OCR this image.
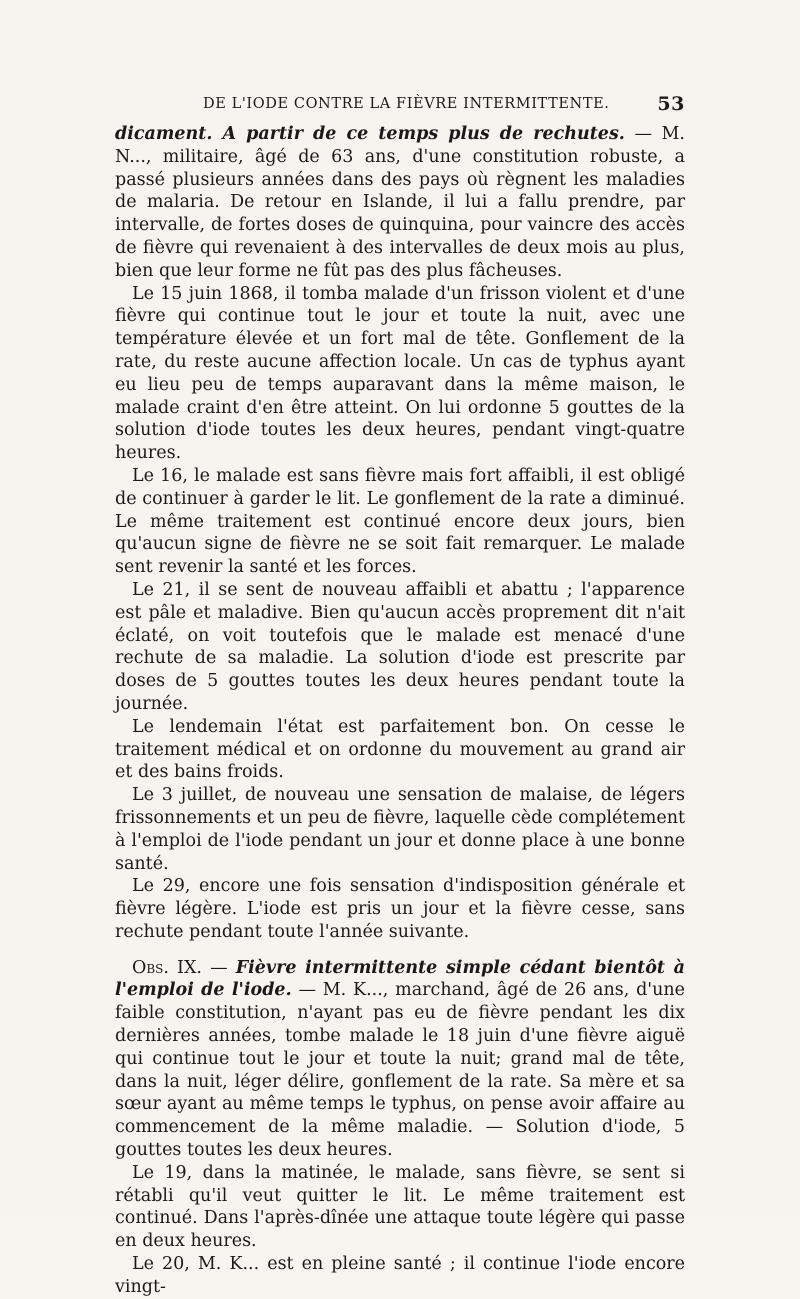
DE L'IODE CONTRE LA FIÈVRE INTERMITTENTE.	53

dicament. A partir de ce temps plus de rechutes. — M. N..., militaire, âgé de 63 ans, d'une constitution robuste, a passé plusieurs années dans des pays où règnent les maladies de malaria. De retour en Islande, il lui a fallu prendre, par intervalle, de fortes doses de quinquina, pour vaincre des accès de fièvre qui revenaient à des intervalles de deux mois au plus, bien que leur forme ne fût pas des plus fâcheuses.

Le 15 juin 1868, il tomba malade d'un frisson violent et d'une fièvre qui continue tout le jour et toute la nuit, avec une température élevée et un fort mal de tête. Gonflement de la rate, du reste aucune affection locale. Un cas de typhus ayant eu lieu peu de temps auparavant dans la même maison, le malade craint d'en être atteint. On lui ordonne 5 gouttes de la solution d'iode toutes les deux heures, pendant vingt-quatre heures.

Le 16, le malade est sans fièvre mais fort affaibli, il est obligé de continuer à garder le lit. Le gonflement de la rate a diminué. Le même traitement est continué encore deux jours, bien qu'aucun signe de fièvre ne se soit fait remarquer. Le malade sent revenir la santé et les forces.

Le 21, il se sent de nouveau affaibli et abattu ; l'apparence est pâle et maladive. Bien qu'aucun accès proprement dit n'ait éclaté, on voit toutefois que le malade est menacé d'une rechute de sa maladie. La solution d'iode est prescrite par doses de 5 gouttes toutes les deux heures pendant toute la journée.

Le lendemain l'état est parfaitement bon. On cesse le traitement médical et on ordonne du mouvement au grand air et des bains froids.

Le 3 juillet, de nouveau une sensation de malaise, de légers frissonnements et un peu de fièvre, laquelle cède complétement à l'emploi de l'iode pendant un jour et donne place à une bonne santé.

Le 29, encore une fois sensation d'indisposition générale et fièvre légère. L'iode est pris un jour et la fièvre cesse, sans rechute pendant toute l'année suivante.

Obs. IX. — Fièvre intermittente simple cédant bientôt à l'emploi de l'iode. — M. K..., marchand, âgé de 26 ans, d'une faible constitution, n'ayant pas eu de fièvre pendant les dix dernières années, tombe malade le 18 juin d'une fièvre aiguë qui continue tout le jour et toute la nuit; grand mal de tête, dans la nuit, léger délire, gonflement de la rate. Sa mère et sa sœur ayant au même temps le typhus, on pense avoir affaire au commencement de la même maladie. — Solution d'iode, 5 gouttes toutes les deux heures.

Le 19, dans la matinée, le malade, sans fièvre, se sent si rétabli qu'il veut quitter le lit. Le même traitement est continué. Dans l'après-dînée une attaque toute légère qui passe en deux heures.

Le 20, M. K... est en pleine santé ; il continue l'iode encore vingt-
